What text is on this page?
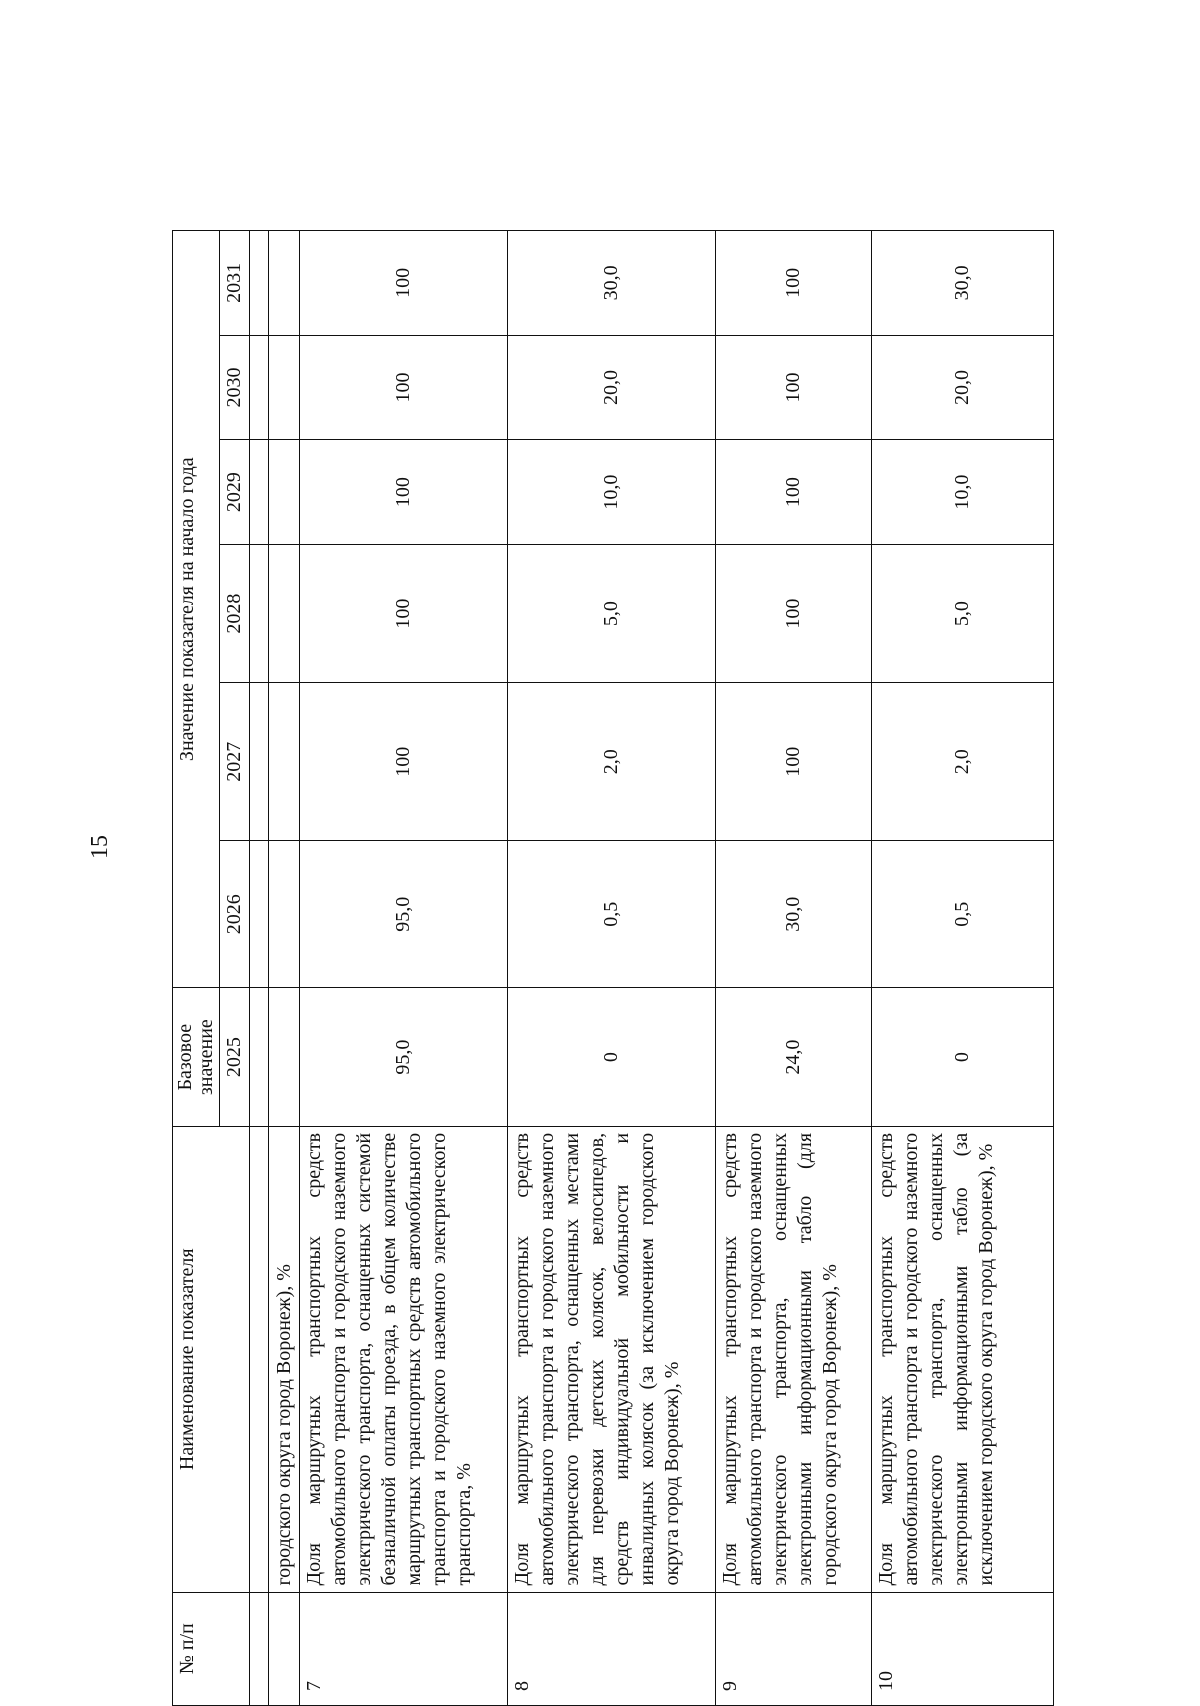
15
№ п/п	Наименование показателя	Базовое значение	Значение показателя на начало года					
		2025	2026	2027	2028	2029	2030	2031

	городского округа город Воронеж), %							
7	Доля маршрутных транспортных средств автомобильного транспорта и городского наземного электрического транспорта, оснащенных системой безналичной оплаты проезда, в общем количестве маршрутных транспортных средств автомобильного транспорта и городского наземного электрического транспорта, %	95,0	95,0	100	100	100	100	100
8	Доля маршрутных транспортных средств автомобильного транспорта и городского наземного электрического транспорта, оснащенных местами для перевозки детских колясок, велосипедов, средств индивидуальной мобильности и инвалидных колясок (за исключением городского округа город Воронеж), %	0	0,5	2,0	5,0	10,0	20,0	30,0
9	Доля маршрутных транспортных средств автомобильного транспорта и городского наземного электрического транспорта, оснащенных электронными информационными табло (для городского округа город Воронеж), %	24,0	30,0	100	100	100	100	100
10	Доля маршрутных транспортных средств автомобильного транспорта и городского наземного электрического транспорта, оснащенных электронными информационными табло (за исключением городского округа город Воронеж), %	0	0,5	2,0	5,0	10,0	20,0	30,0
